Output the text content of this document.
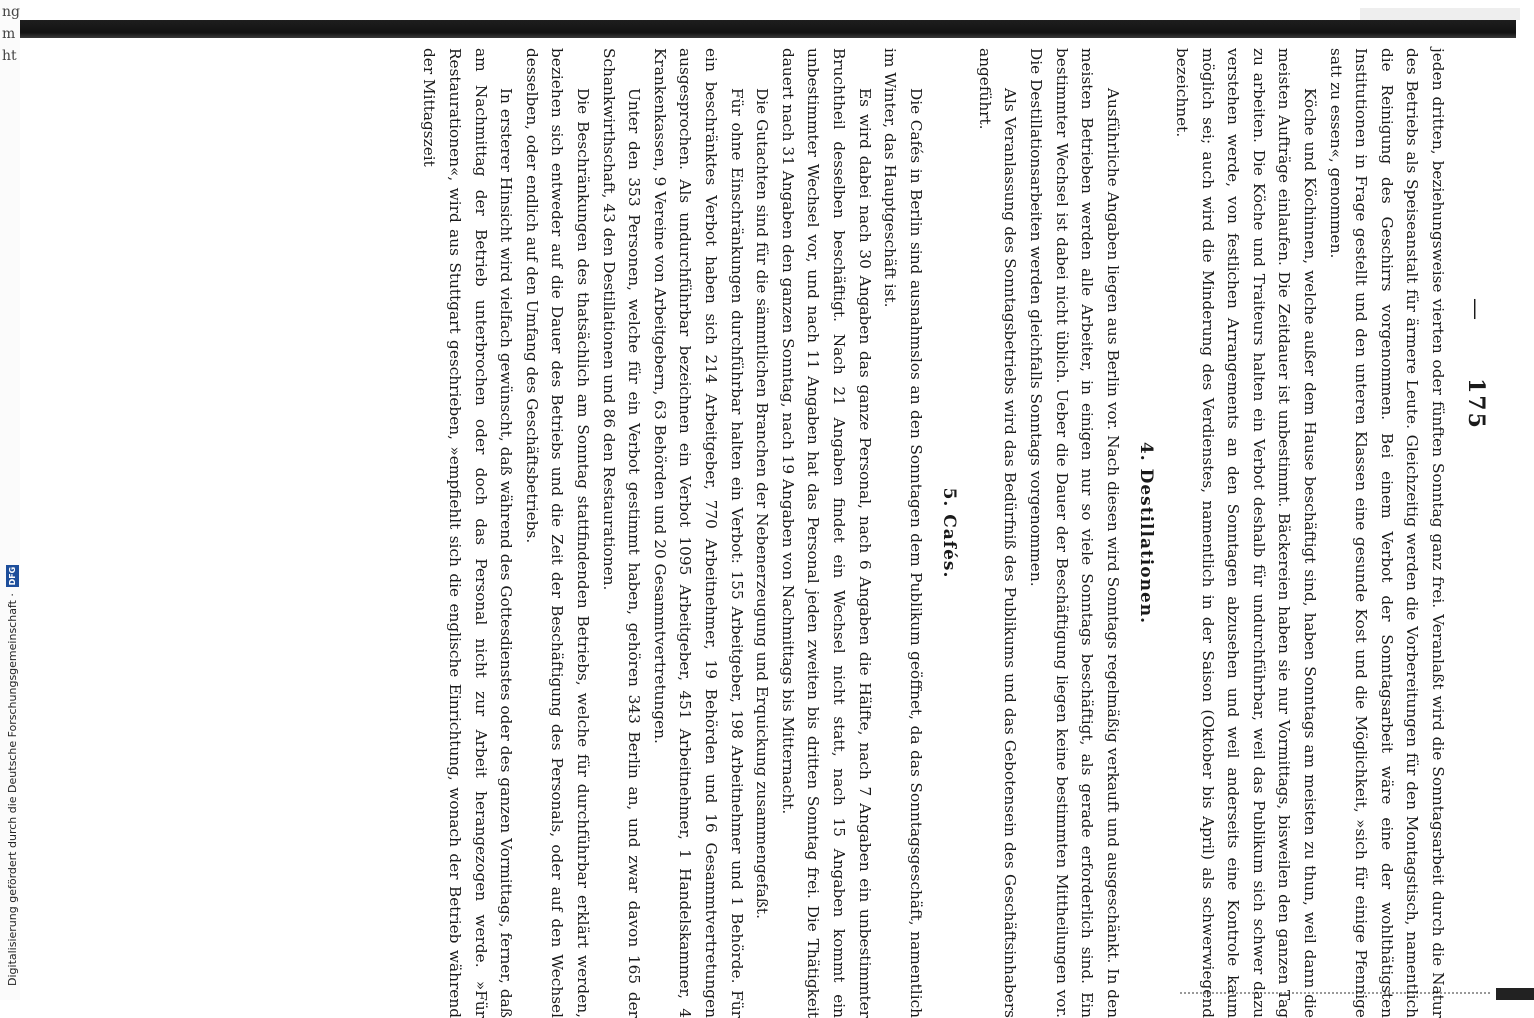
ng
m
ht
Digitalisierung gefördert durch die Deutsche Forschungsgemeinschaft ·
DFG
—
175

jeden dritten, beziehungsweise vierten oder fünften Sonntag ganz frei. Veranlaßt wird die Sonntagsarbeit durch die Natur des Betriebs als Speiseanstalt für ärmere Leute. Gleichzeitig werden die Vorbereitungen für den Montagstisch, namentlich die Reinigung des Geschirrs vorgenommen. Bei einem Verbot der Sonntagsarbeit wäre eine der wohlthätigsten Institutionen in Frage gestellt und den unteren Klassen eine gesunde Kost und die Möglichkeit, »sich für einige Pfennige satt zu essen«, genommen.

Köche und Köchinnen, welche außer dem Hause beschäftigt sind, haben Sonntags am meisten zu thun, weil dann die meisten Aufträge einlaufen. Die Zeitdauer ist unbestimmt. Bäckereien haben sie nur Vormittags, bisweilen den ganzen Tag zu arbeiten. Die Köche und Traiteurs halten ein Verbot deshalb für undurchführbar, weil das Publikum sich schwer dazu verstehen werde, von festlichen Arrangements an den Sonntagen abzusehen und weil anderseits eine Kontrole kaum möglich sei; auch wird die Minderung des Verdienstes, namentlich in der Saison (Oktober bis April) als schwerwiegend bezeichnet.

4. Destillationen.

Ausführliche Angaben liegen aus Berlin vor. Nach diesen wird Sonntags regelmäßig verkauft und ausgeschänkt. In den meisten Betrieben werden alle Arbeiter, in einigen nur so viele Sonntags beschäftigt, als gerade erforderlich sind. Ein bestimmter Wechsel ist dabei nicht üblich. Ueber die Dauer der Beschäftigung liegen keine bestimmten Mittheilungen vor. Die Destillationsarbeiten werden gleichfalls Sonntags vorgenommen.

Als Veranlassung des Sonntagsbetriebs wird das Bedürfniß des Publikums und das Gebotensein des Geschäftsinhabers angeführt.

5. Cafés.

Die Cafés in Berlin sind ausnahmslos an den Sonntagen dem Publikum geöffnet, da das Sonntagsgeschäft, namentlich im Winter, das Hauptgeschäft ist.

Es wird dabei nach 30 Angaben das ganze Personal, nach 6 Angaben die Hälfte, nach 7 Angaben ein unbestimmter Bruchtheil desselben beschäftigt. Nach 21 Angaben findet ein Wechsel nicht statt, nach 15 Angaben kommt ein unbestimmter Wechsel vor, und nach 11 Angaben hat das Personal jeden zweiten bis dritten Sonntag frei. Die Thätigkeit dauert nach 31 Angaben den ganzen Sonntag, nach 19 Angaben von Nachmittags bis Mitternacht.

Die Gutachten sind für die sämmtlichen Branchen der Nebenerzeugung und Erquickung zusammengefaßt.

Für ohne Einschränkungen durchführbar halten ein Verbot: 155 Arbeitgeber, 198 Arbeitnehmer und 1 Behörde. Für ein beschränktes Verbot haben sich 214 Arbeitgeber, 770 Arbeitnehmer, 19 Behörden und 16 Gesammtvertretungen ausgesprochen. Als undurchführbar bezeichnen ein Verbot 1095 Arbeitgeber, 451 Arbeitnehmer, 1 Handelskammer, 4 Krankenkassen, 9 Vereine von Arbeitgebern, 63 Behörden und 20 Gesammtvertretungen.

Unter den 353 Personen, welche für ein Verbot gestimmt haben, gehören 343 Berlin an, und zwar davon 165 der Schankwirthschaft, 43 den Destillationen und 86 den Restaurationen.

Die Beschränkungen des thatsächlich am Sonntag stattfindenden Betriebs, welche für durchführbar erklärt werden, beziehen sich entweder auf die Dauer des Betriebs und die Zeit der Beschäftigung des Personals, oder auf den Wechsel desselben, oder endlich auf den Umfang des Geschäftsbetriebs.

In ersterer Hinsicht wird vielfach gewünscht, daß während des Gottesdienstes oder des ganzen Vormittags, ferner, daß am Nachmittag der Betrieb unterbrochen oder doch das Personal nicht zur Arbeit herangezogen werde. »Für Restaurationen«, wird aus Stuttgart geschrieben, »empfiehlt sich die englische Einrichtung, wonach der Betrieb während der Mittagszeit
